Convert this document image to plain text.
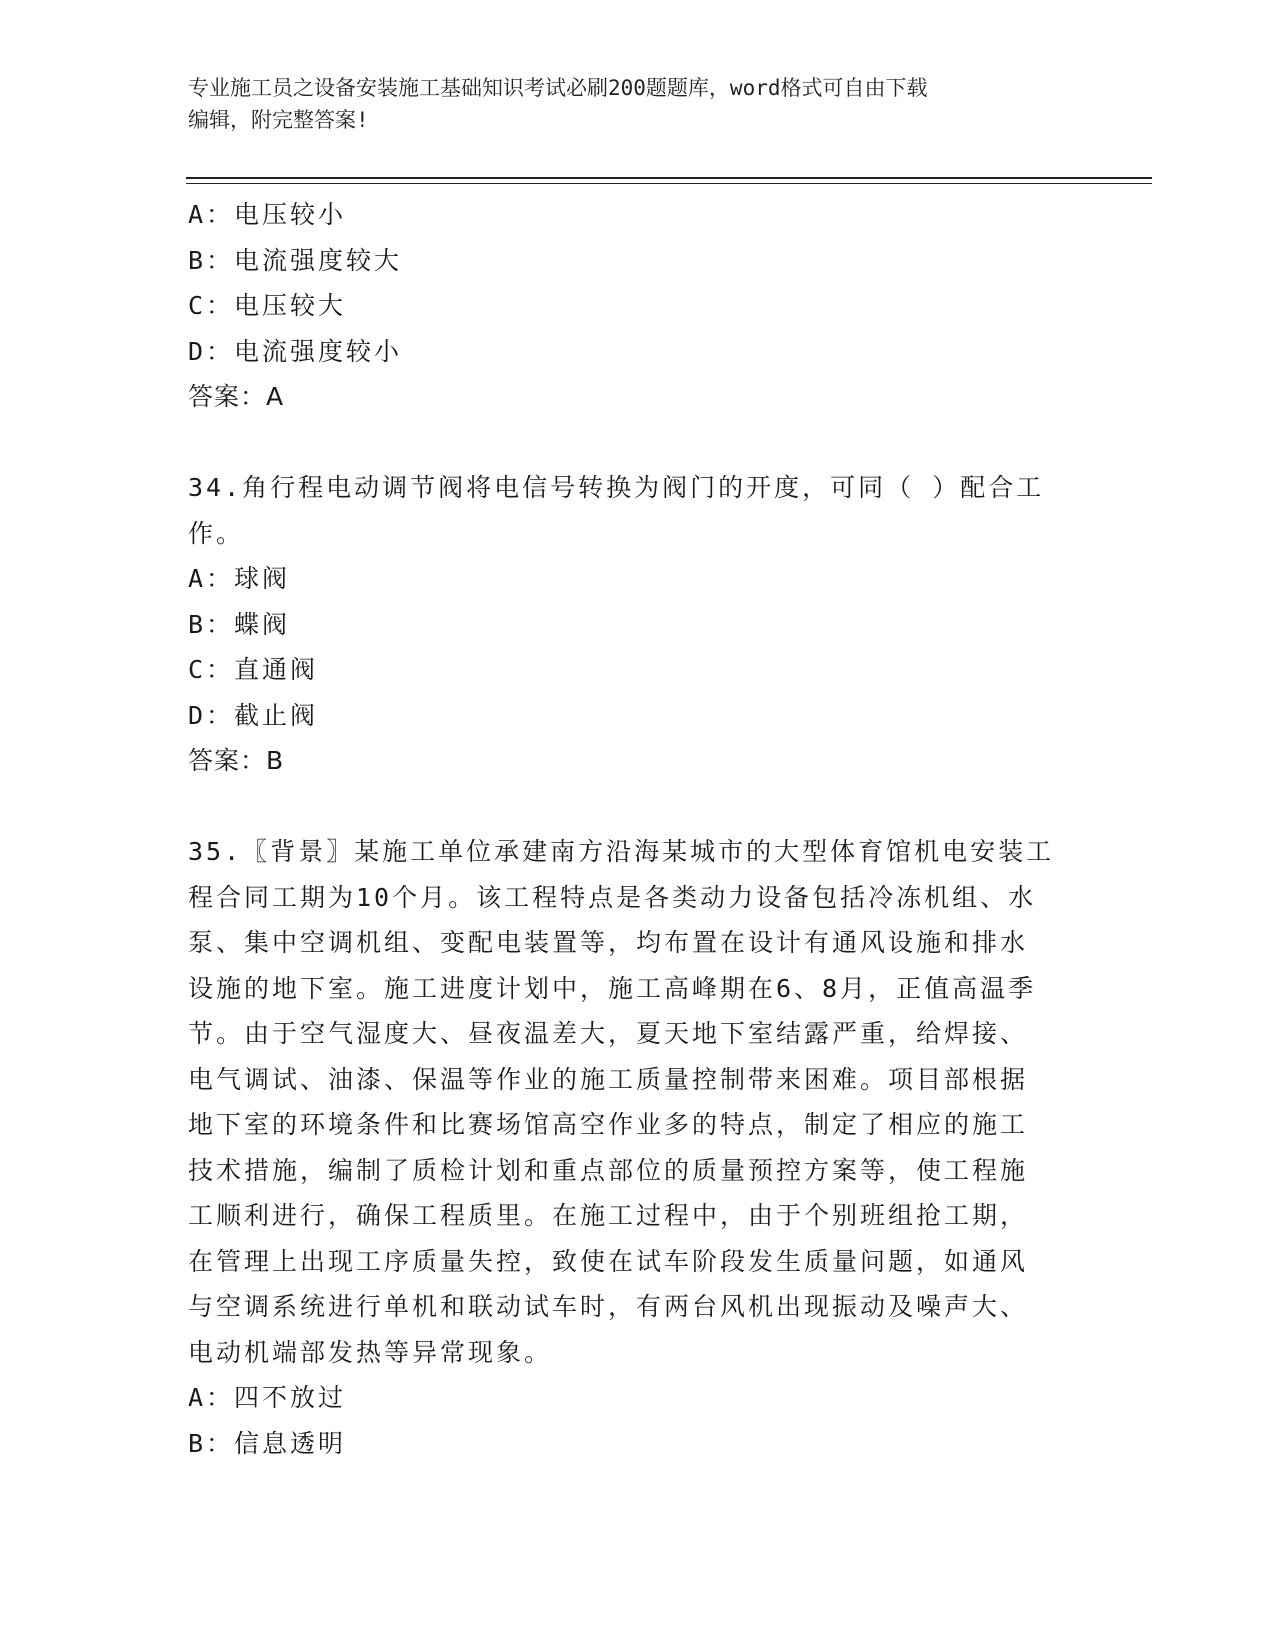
专业施工员之设备安装施工基础知识考试必刷200题题库，word格式可自由下载
编辑，附完整答案!
A：电压较小
B：电流强度较大
C：电压较大
D：电流强度较小
答案：A
34.角行程电动调节阀将电信号转换为阀门的开度，可同（ ）配合工
作。
A：球阀
B：蝶阀
C：直通阀
D：截止阀
答案：B
35.〖背景〗某施工单位承建南方沿海某城市的大型体育馆机电安装工
程合同工期为10个月。该工程特点是各类动力设备包括冷冻机组、水
泵、集中空调机组、变配电装置等，均布置在设计有通风设施和排水
设施的地下室。施工进度计划中，施工高峰期在6、8月，正值高温季
节。由于空气湿度大、昼夜温差大，夏天地下室结露严重，给焊接、
电气调试、油漆、保温等作业的施工质量控制带来困难。项目部根据
地下室的环境条件和比赛场馆高空作业多的特点，制定了相应的施工
技术措施，编制了质检计划和重点部位的质量预控方案等，使工程施
工顺利进行，确保工程质里。在施工过程中，由于个别班组抢工期，
在管理上出现工序质量失控，致使在试车阶段发生质量问题，如通风
与空调系统进行单机和联动试车时，有两台风机出现振动及噪声大、
电动机端部发热等异常现象。
A：四不放过
B：信息透明
